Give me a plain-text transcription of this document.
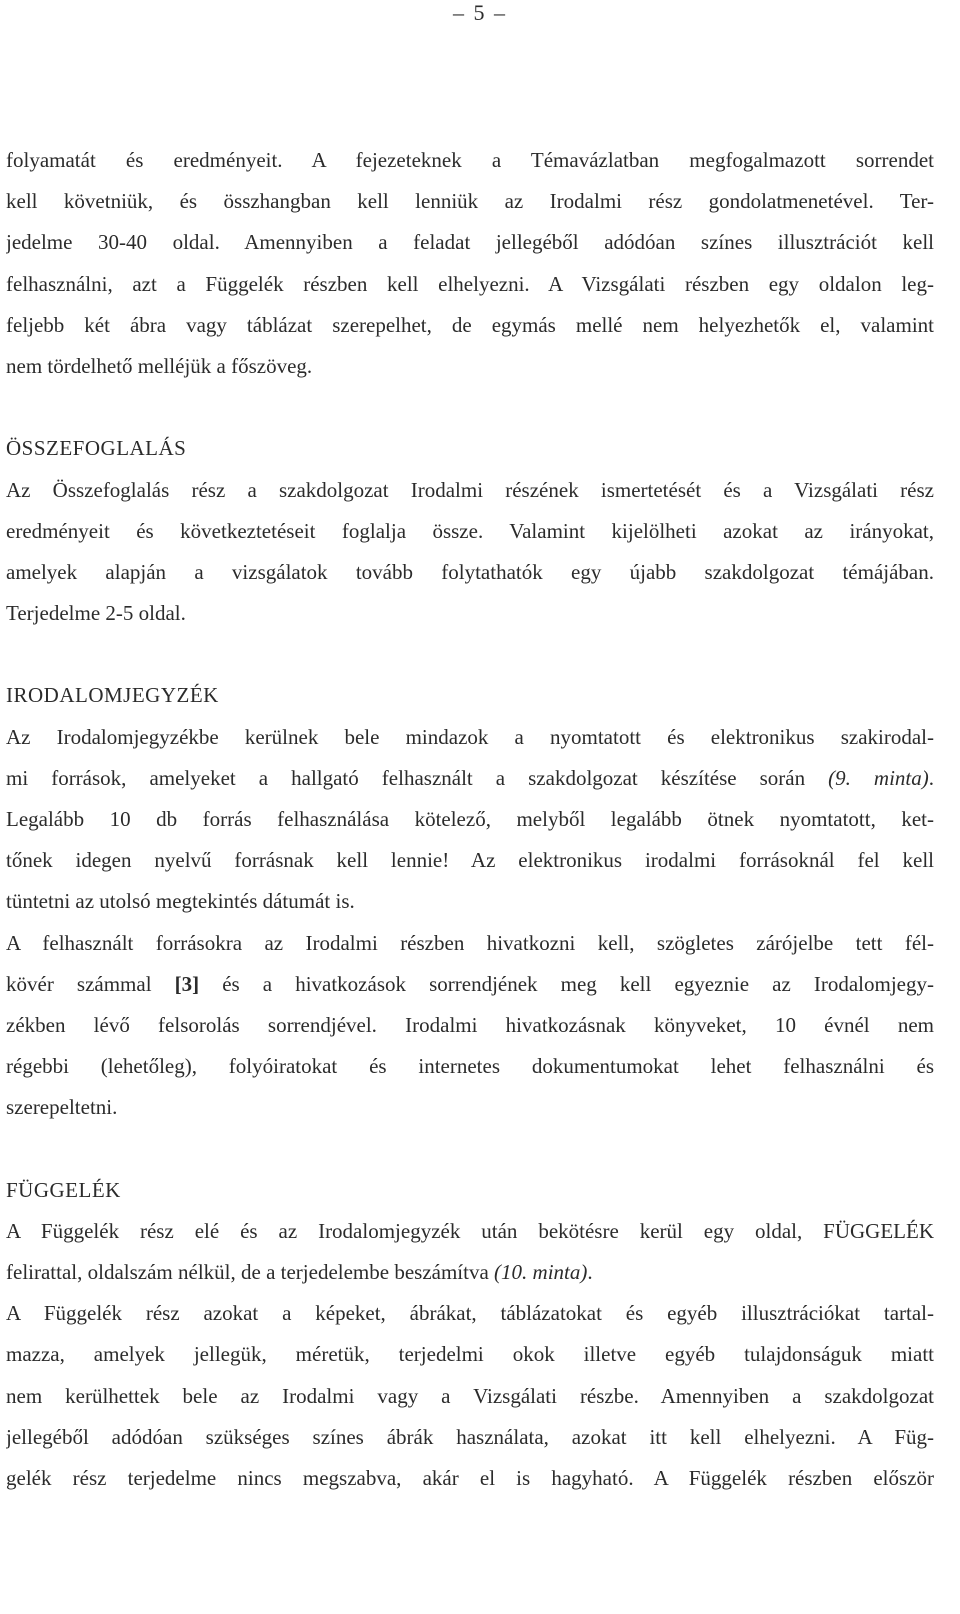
– 5 –
folyamatát és eredményeit. A fejezeteknek a Témavázlatban megfogalmazott sorrendet
kell követniük, és összhangban kell lenniük az Irodalmi rész gondolatmenetével. Ter-
jedelme 30-40 oldal. Amennyiben a feladat jellegéből adódóan színes illusztrációt kell
felhasználni, azt a Függelék részben kell elhelyezni. A Vizsgálati részben egy oldalon leg-
feljebb két ábra vagy táblázat szerepelhet, de egymás mellé nem helyezhetők el, valamint
nem tördelhető melléjük a főszöveg.
ÖSSZEFOGLALÁS
Az Összefoglalás rész a szakdolgozat Irodalmi részének ismertetését és a Vizsgálati rész
eredményeit és következtetéseit foglalja össze. Valamint kijelölheti azokat az irányokat,
amelyek alapján a vizsgálatok tovább folytathatók egy újabb szakdolgozat témájában.
Terjedelme 2-5 oldal.
IRODALOMJEGYZÉK
Az Irodalomjegyzékbe kerülnek bele mindazok a nyomtatott és elektronikus szakirodal-
mi források, amelyeket a hallgató felhasznált a szakdolgozat készítése során (9. minta).
Legalább 10 db forrás felhasználása kötelező, melyből legalább ötnek nyomtatott, ket-
tőnek idegen nyelvű forrásnak kell lennie! Az elektronikus irodalmi forrásoknál fel kell
tüntetni az utolsó megtekintés dátumát is.
A felhasznált forrásokra az Irodalmi részben hivatkozni kell, szögletes zárójelbe tett fél-
kövér számmal [3] és a hivatkozások sorrendjének meg kell egyeznie az Irodalomjegy-
zékben lévő felsorolás sorrendjével. Irodalmi hivatkozásnak könyveket, 10 évnél nem
régebbi (lehetőleg), folyóiratokat és internetes dokumentumokat lehet felhasználni és
szerepeltetni.
FÜGGELÉK
A Függelék rész elé és az Irodalomjegyzék után bekötésre kerül egy oldal, FÜGGELÉK
felirattal, oldalszám nélkül, de a terjedelembe beszámítva (10. minta).
A Függelék rész azokat a képeket, ábrákat, táblázatokat és egyéb illusztrációkat tartal-
mazza, amelyek jellegük, méretük, terjedelmi okok illetve egyéb tulajdonságuk miatt
nem kerülhettek bele az Irodalmi vagy a Vizsgálati részbe. Amennyiben a szakdolgozat
jellegéből adódóan szükséges színes ábrák használata, azokat itt kell elhelyezni. A Füg-
gelék rész terjedelme nincs megszabva, akár el is hagyható. A Függelék részben először
